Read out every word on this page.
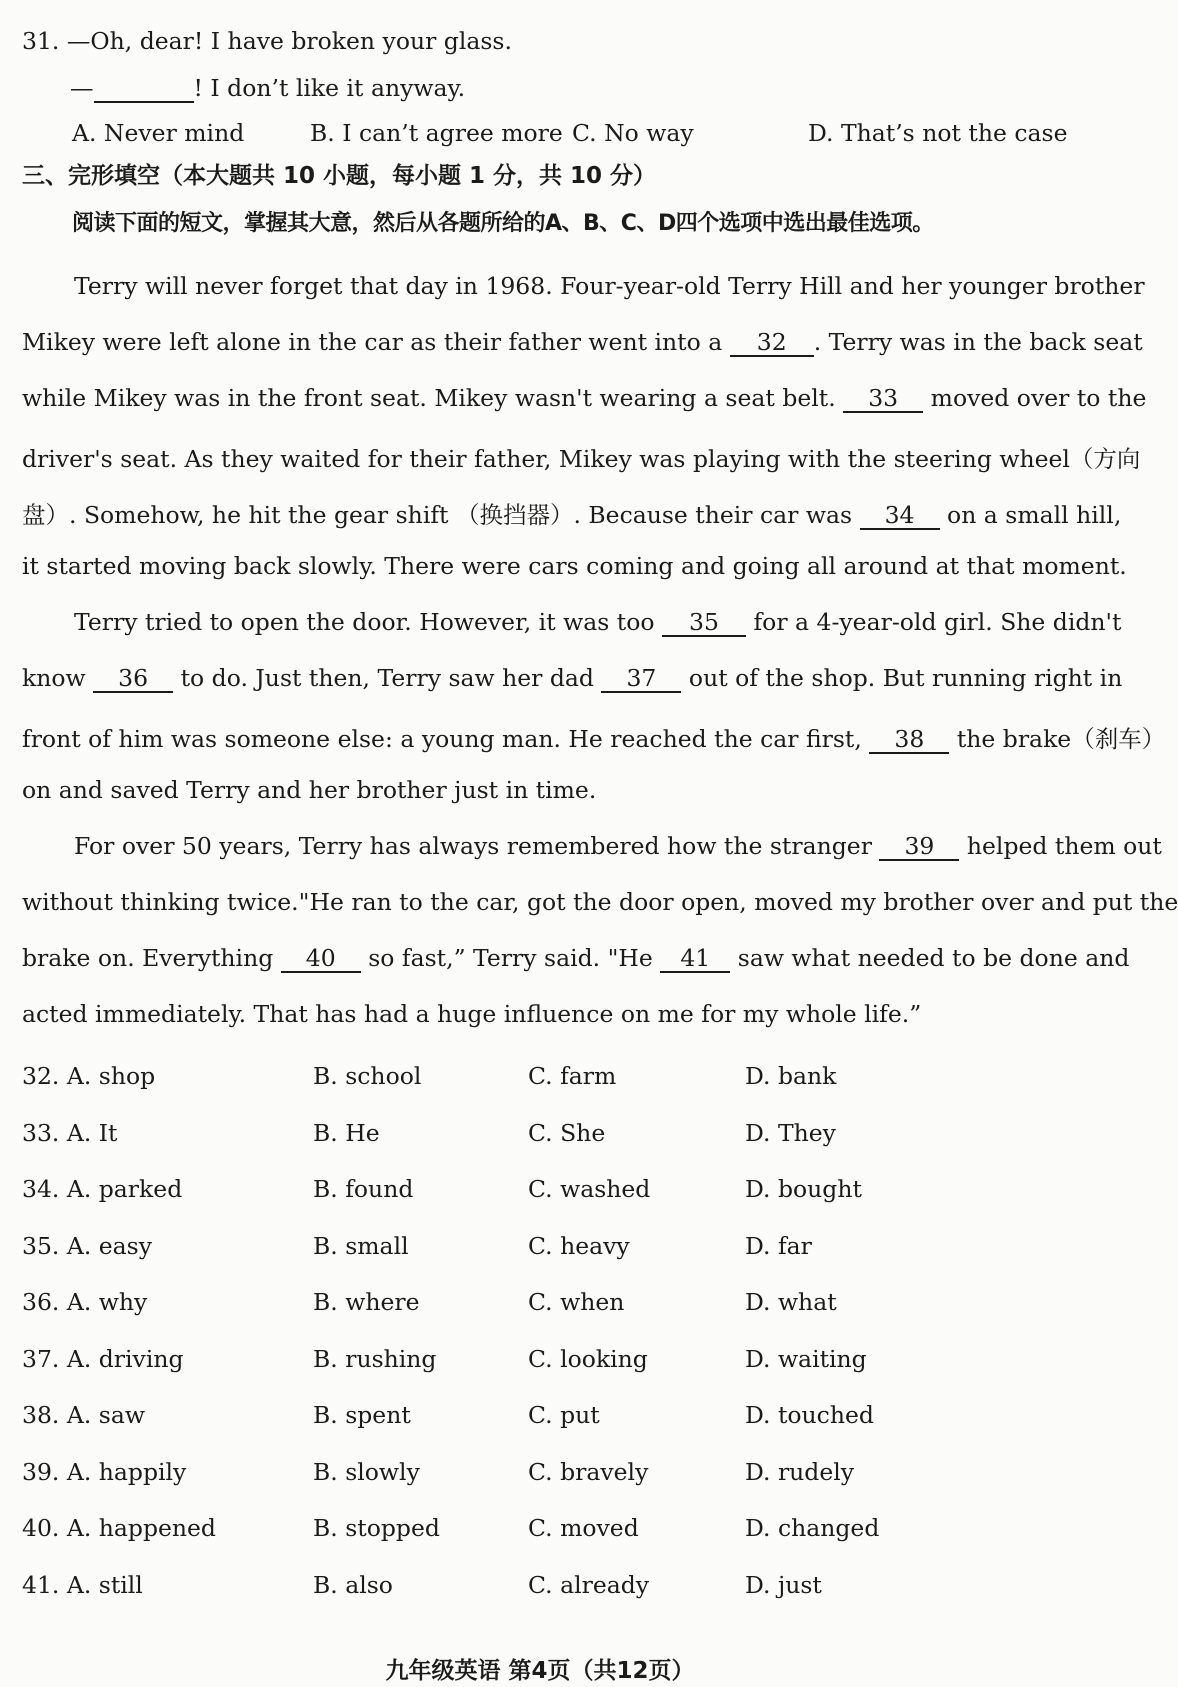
31. —Oh, dear! I have broken your glass.
—	! I don’t like it anyway.
A. Never mind	B. I can’t agree more C. No way	D. That’s not the case
三、完形填空（本大题共 10 小题，每小题 1 分，共 10 分）
阅读下面的短文，掌握其大意，然后从各题所给的A、B、C、D四个选项中选出最佳选项。
Terry will never forget that day in 1968. Four-year-old Terry Hill and her younger brother
Mikey were left alone in the car as their father went into a 32 . Terry was in the back seat
while Mikey was in the front seat. Mikey wasn't wearing a seat belt. 33 moved over to the
driver's seat. As they waited for their father, Mikey was playing with the steering wheel（方向
盘）. Somehow, he hit the gear shift （换挡器）. Because their car was 34 on a small hill,
it started moving back slowly. There were cars coming and going all around at that moment.
Terry tried to open the door. However, it was too 35 for a 4-year-old girl. She didn't
know 36 to do. Just then, Terry saw her dad 37 out of the shop. But running right in
front of him was someone else: a young man. He reached the car first, 38 the brake（刹车）
on and saved Terry and her brother just in time.
For over 50 years, Terry has always remembered how the stranger 39 helped them out
without thinking twice."He ran to the car, got the door open, moved my brother over and put the
brake on. Everything 40 so fast,” Terry said. "He 41 saw what needed to be done and
acted immediately. That has had a huge influence on me for my whole life.”
32. A. shop	B. school	C. farm	D. bank
33. A. It	B. He	C. She	D. They
34. A. parked	B. found	C. washed	D. bought
35. A. easy	B. small	C. heavy	D. far
36. A. why	B. where	C. when	D. what
37. A. driving	B. rushing	C. looking	D. waiting
38. A. saw	B. spent	C. put	D. touched
39. A. happily	B. slowly	C. bravely	D. rudely
40. A. happened	B. stopped	C. moved	D. changed
41. A. still	B. also	C. already	D. just
九年级英语 第4页（共12页）
